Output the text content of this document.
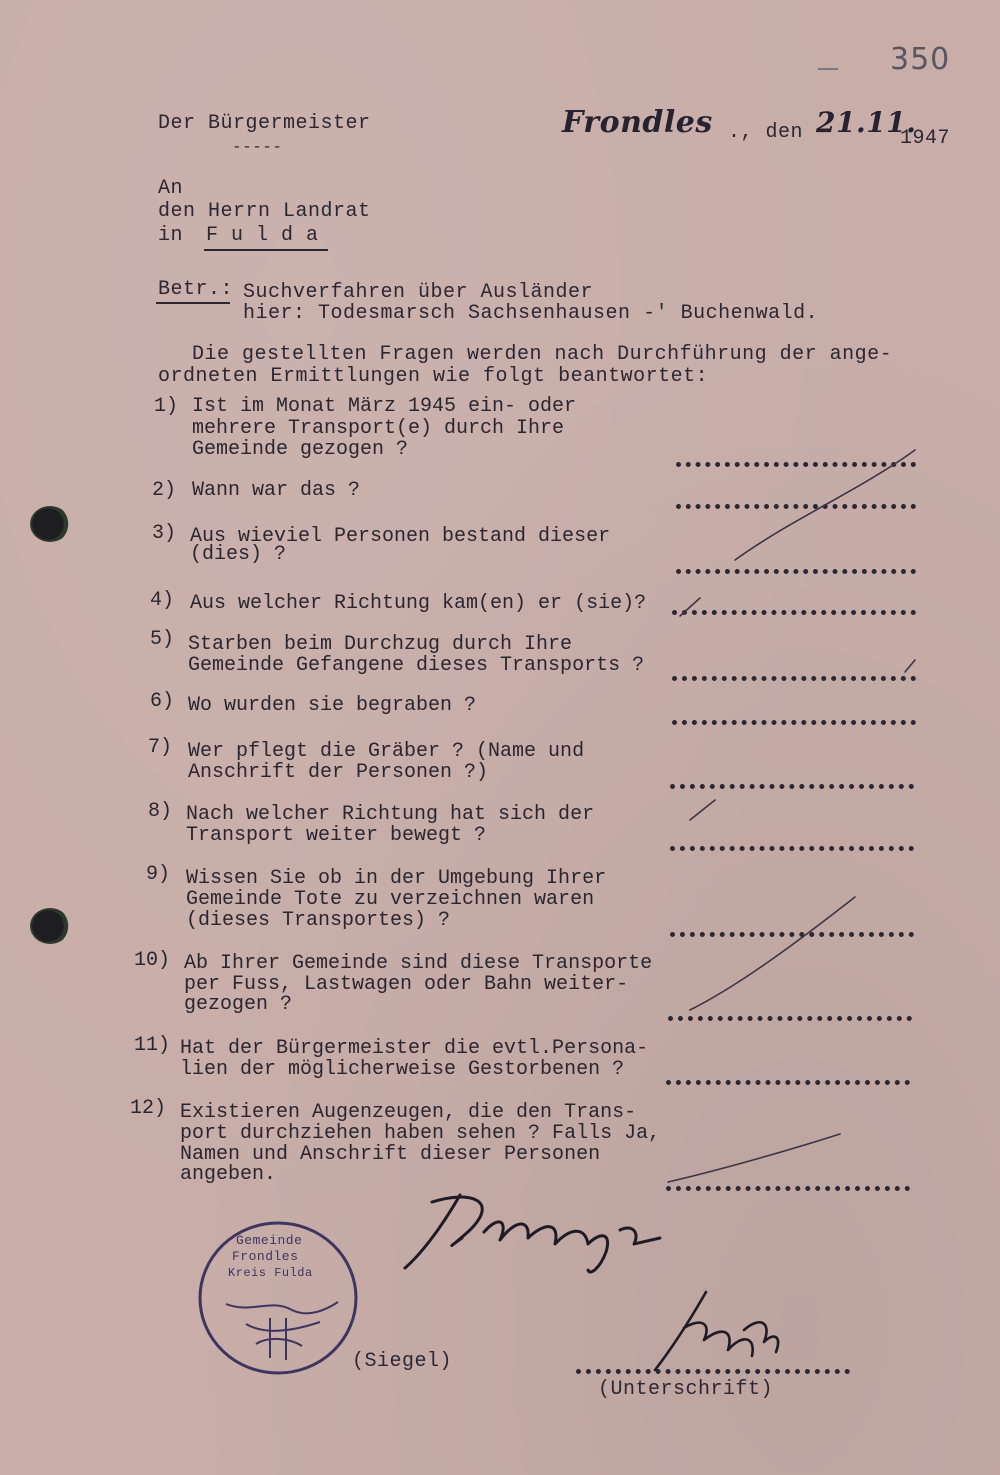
350
Der Bürgermeister
-----
Frondles ., den 21.11.
1947
An
den Herrn Landrat
in F u l d a
Betr.: Suchverfahren über Ausländer
hier: Todesmarsch Sachsenhausen -' Buchenwald.
Die gestellten Fragen werden nach Durchführung der ange-
ordneten Ermittlungen wie folgt beantwortet:
1) Ist im Monat März 1945 ein- oder
mehrere Transport(e) durch Ihre
Gemeinde gezogen ?
2) Wann war das ?
3) Aus wieviel Personen bestand dieser
(dies) ?
4) Aus welcher Richtung kam(en) er (sie)?
5) Starben beim Durchzug durch Ihre
Gemeinde Gefangene dieses Transports ?
6) Wo wurden sie begraben ?
7) Wer pflegt die Gräber ? (Name und
Anschrift der Personen ?)
8) Nach welcher Richtung hat sich der
Transport weiter bewegt ?
9) Wissen Sie ob in der Umgebung Ihrer
Gemeinde Tote zu verzeichnen waren
(dieses Transportes) ?
10) Ab Ihrer Gemeinde sind diese Transporte
per Fuss, Lastwagen oder Bahn weiter-
gezogen ?
11) Hat der Bürgermeister die evtl.Persona-
lien der möglicherweise Gestorbenen ?
12) Existieren Augenzeugen, die den Trans-
port durchziehen haben sehen ? Falls Ja,
Namen und Anschrift dieser Personen
angeben.
Gemeinde
Frondles
Kreis Fulda
(Siegel)
(Unterschrift)
